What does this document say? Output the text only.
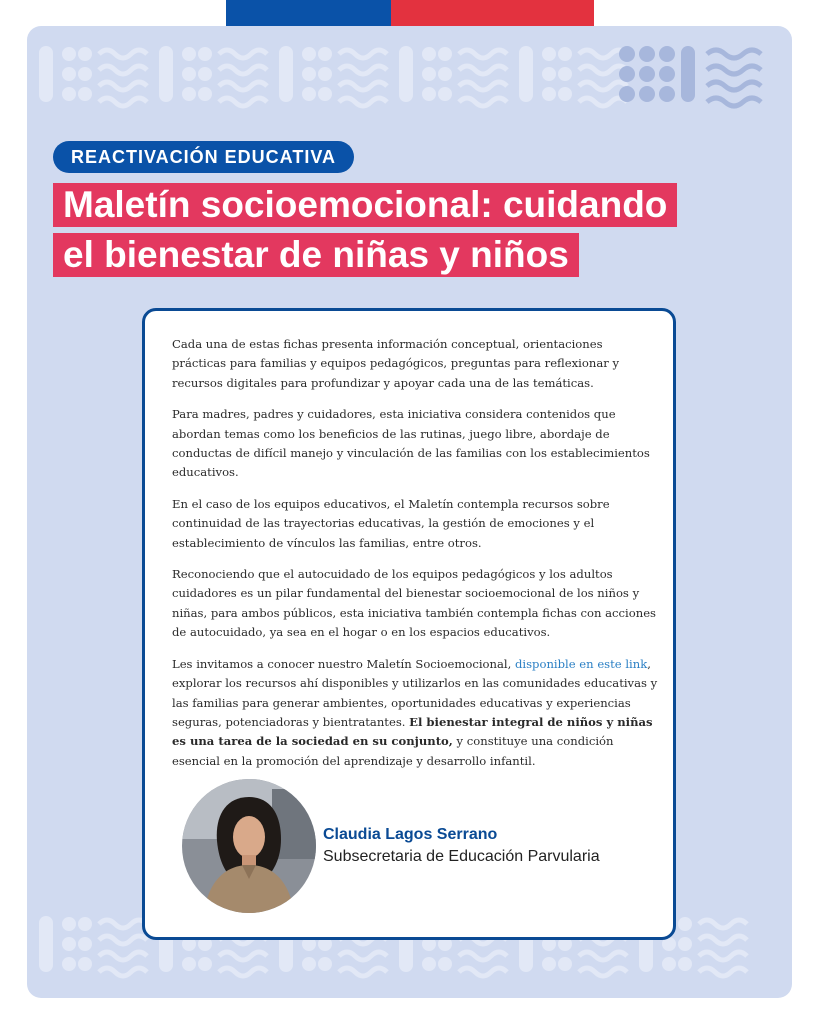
REACTIVACIÓN EDUCATIVA
Maletín socioemocional: cuidando
el bienestar de niñas y niños

Cada una de estas fichas presenta información conceptual, orientaciones prácticas para familias y equipos pedagógicos, preguntas para reflexionar y recursos digitales para profundizar y apoyar cada una de las temáticas.

Para madres, padres y cuidadores, esta iniciativa considera contenidos que abordan temas como los beneficios de las rutinas, juego libre, abordaje de conductas de difícil manejo y vinculación de las familias con los establecimientos educativos.

En el caso de los equipos educativos, el Maletín contempla recursos sobre continuidad de las trayectorias educativas, la gestión de emociones y el establecimiento de vínculos las familias, entre otros.

Reconociendo que el autocuidado de los equipos pedagógicos y los adultos cuidadores es un pilar fundamental del bienestar socioemocional de los niños y niñas, para ambos públicos, esta iniciativa también contempla fichas con acciones de autocuidado, ya sea en el hogar o en los espacios educativos.

Les invitamos a conocer nuestro Maletín Socioemocional, disponible en este link, explorar los recursos ahí disponibles y utilizarlos en las comunidades educativas y las familias para generar ambientes, oportunidades educativas y experiencias seguras, potenciadoras y bientratantes. El bienestar integral de niños y niñas es una tarea de la sociedad en su conjunto, y constituye una condición esencial en la promoción del aprendizaje y desarrollo infantil.

Claudia Lagos Serrano
Subsecretaria de Educación Parvularia
